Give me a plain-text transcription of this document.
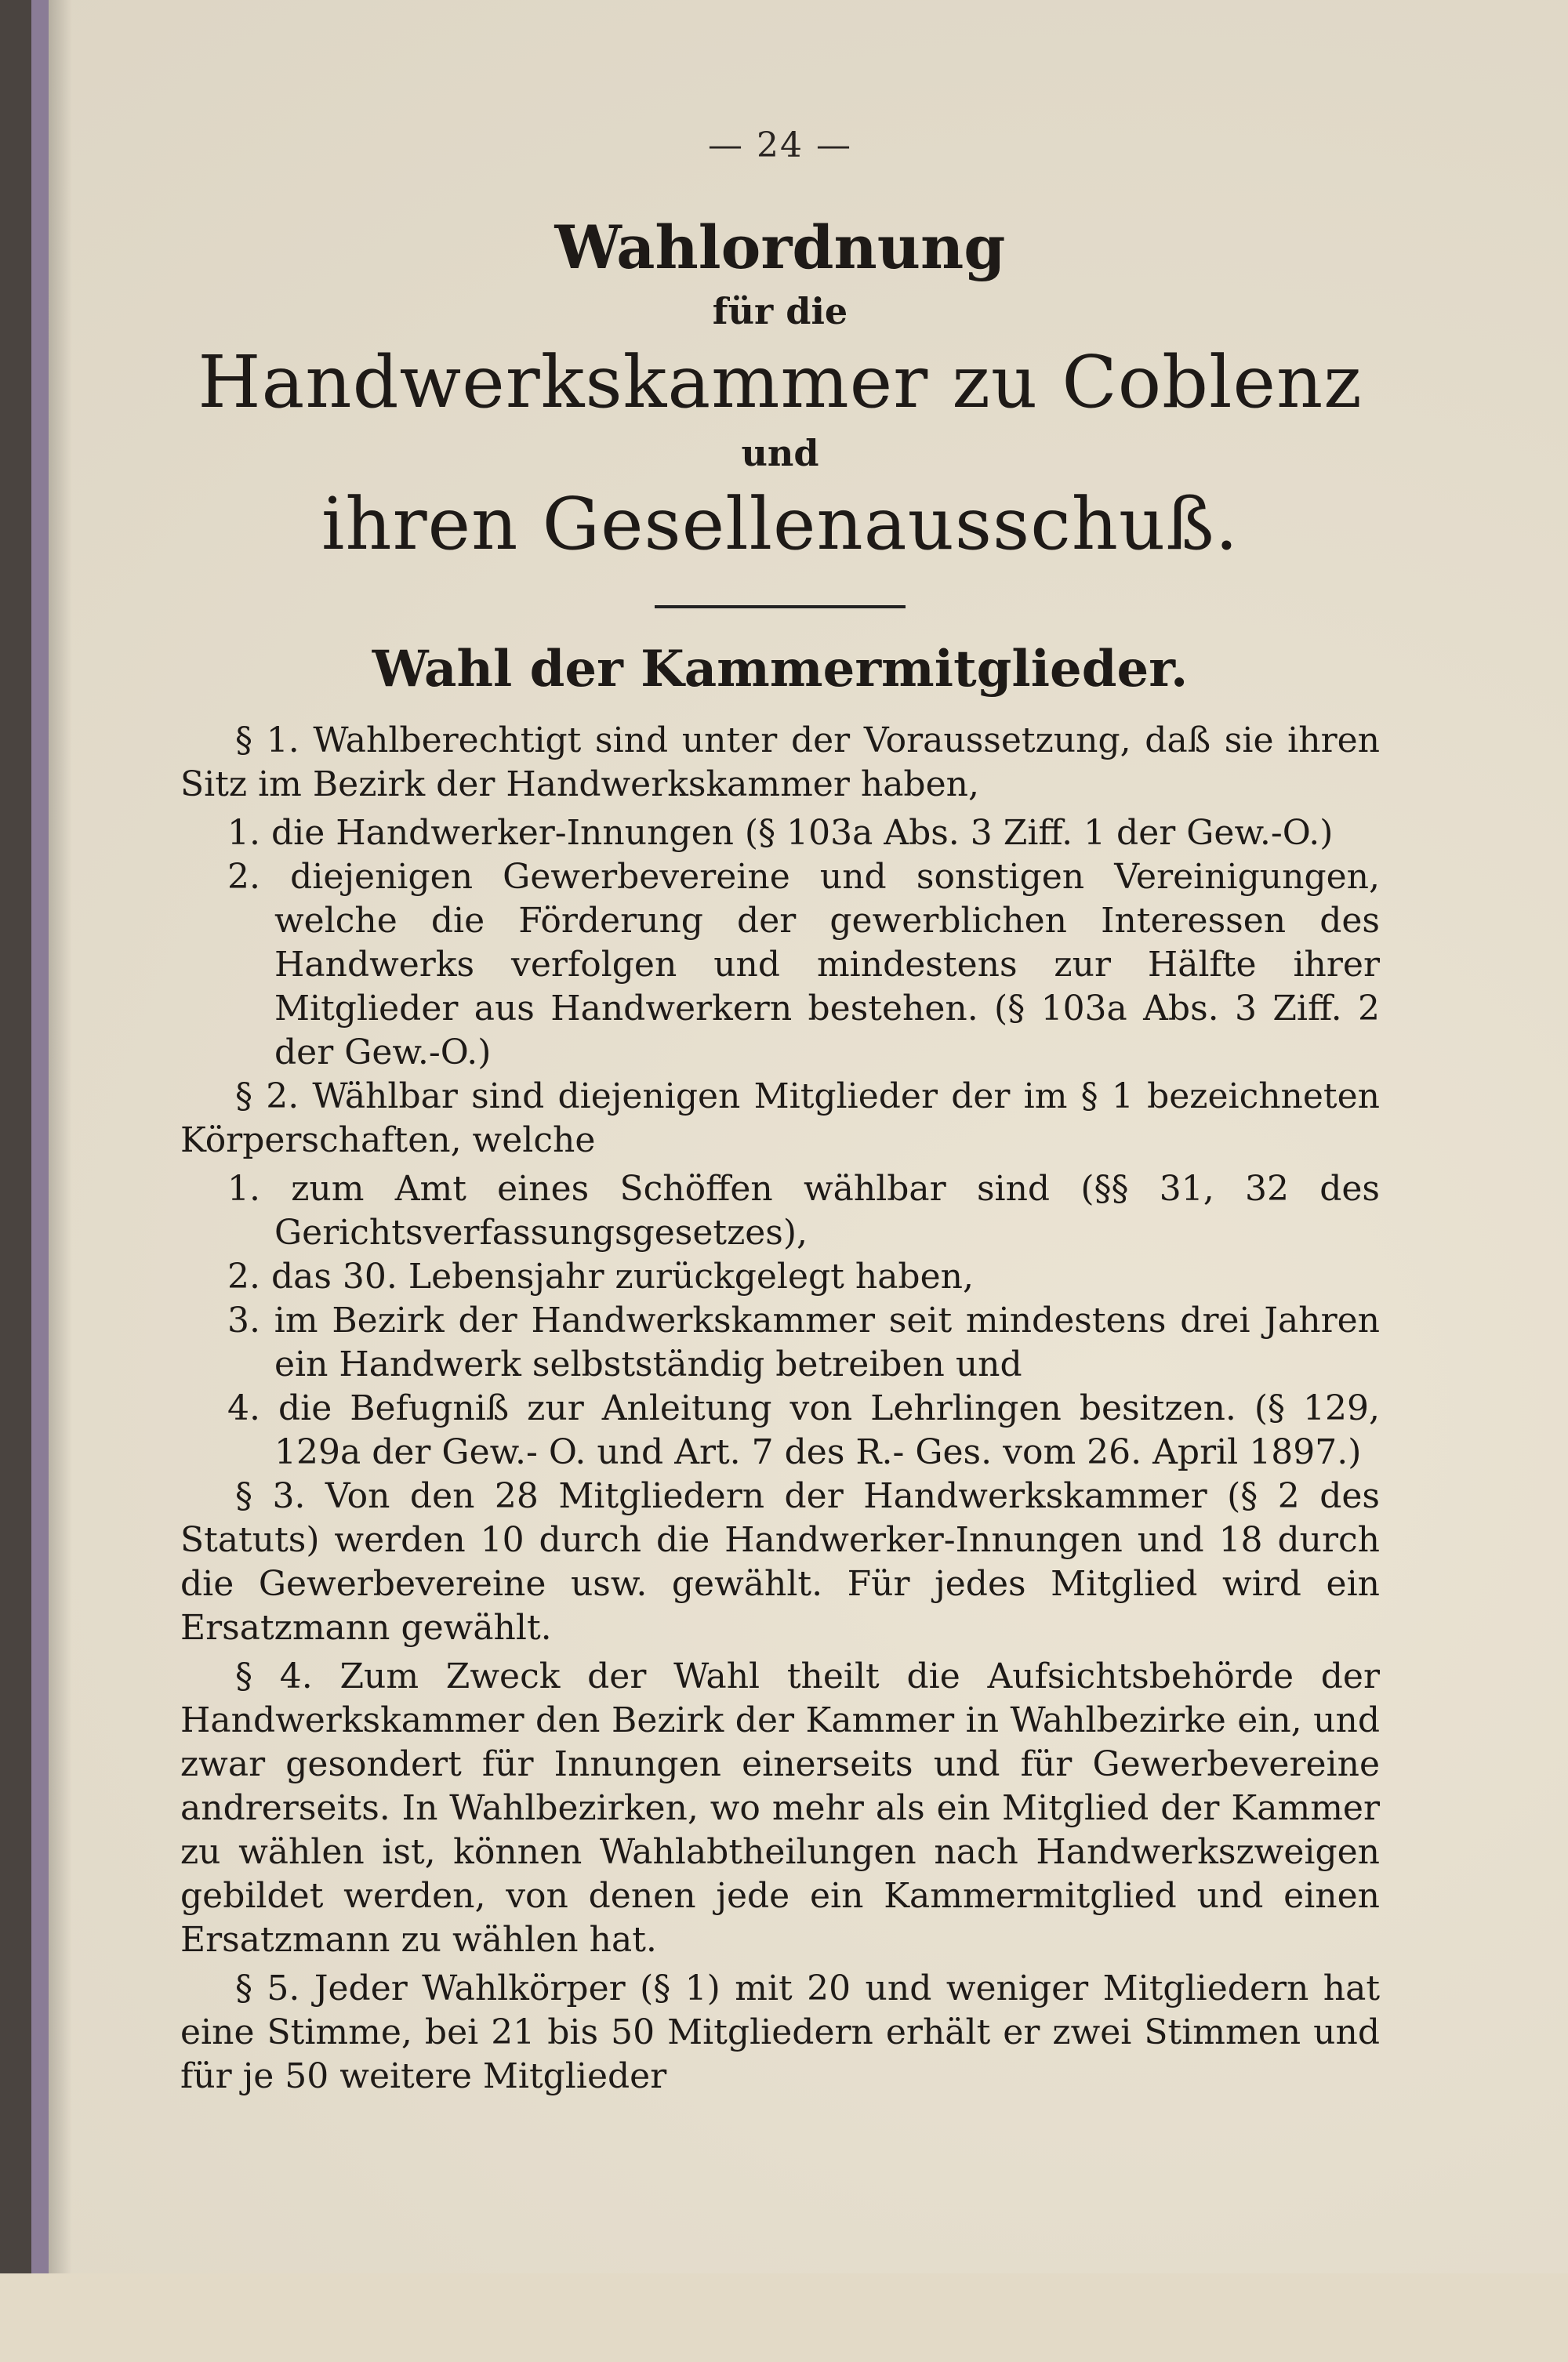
— 24 —
Wahlordnung
für die
Handwerkskammer zu Coblenz
und
ihren Gesellenausschuß.
Wahl der Kammermitglieder.

§ 1. Wahlberechtigt sind unter der Voraussetzung, daß sie ihren Sitz im Bezirk der Handwerkskammer haben,

1. die Handwerker-Innungen (§ 103a Abs. 3 Ziff. 1 der Gew.-O.)

2. diejenigen Gewerbevereine und sonstigen Vereinigungen, welche die Förderung der gewerblichen Interessen des Handwerks verfolgen und mindestens zur Hälfte ihrer Mitglieder aus Handwerkern bestehen. (§ 103a Abs. 3 Ziff. 2 der Gew.-O.)

§ 2. Wählbar sind diejenigen Mitglieder der im § 1 bezeichneten Körperschaften, welche

1. zum Amt eines Schöffen wählbar sind (§§ 31, 32 des Gerichtsverfassungsgesetzes),

2. das 30. Lebensjahr zurückgelegt haben,

3. im Bezirk der Handwerkskammer seit mindestens drei Jahren ein Handwerk selbstständig betreiben und

4. die Befugniß zur Anleitung von Lehrlingen besitzen. (§ 129, 129a der Gew.- O. und Art. 7 des R.- Ges. vom 26. April 1897.)

§ 3. Von den 28 Mitgliedern der Handwerkskammer (§ 2 des Statuts) werden 10 durch die Handwerker-Innungen und 18 durch die Gewerbevereine usw. gewählt. Für jedes Mitglied wird ein Ersatzmann gewählt.

§ 4. Zum Zweck der Wahl theilt die Aufsichtsbehörde der Handwerkskammer den Bezirk der Kammer in Wahlbezirke ein, und zwar gesondert für Innungen einerseits und für Gewerbevereine andrerseits. In Wahlbezirken, wo mehr als ein Mitglied der Kammer zu wählen ist, können Wahlabtheilungen nach Handwerkszweigen gebildet werden, von denen jede ein Kammermitglied und einen Ersatzmann zu wählen hat.

§ 5. Jeder Wahlkörper (§ 1) mit 20 und weniger Mitgliedern hat eine Stimme, bei 21 bis 50 Mitgliedern erhält er zwei Stimmen und für je 50 weitere Mitglieder
